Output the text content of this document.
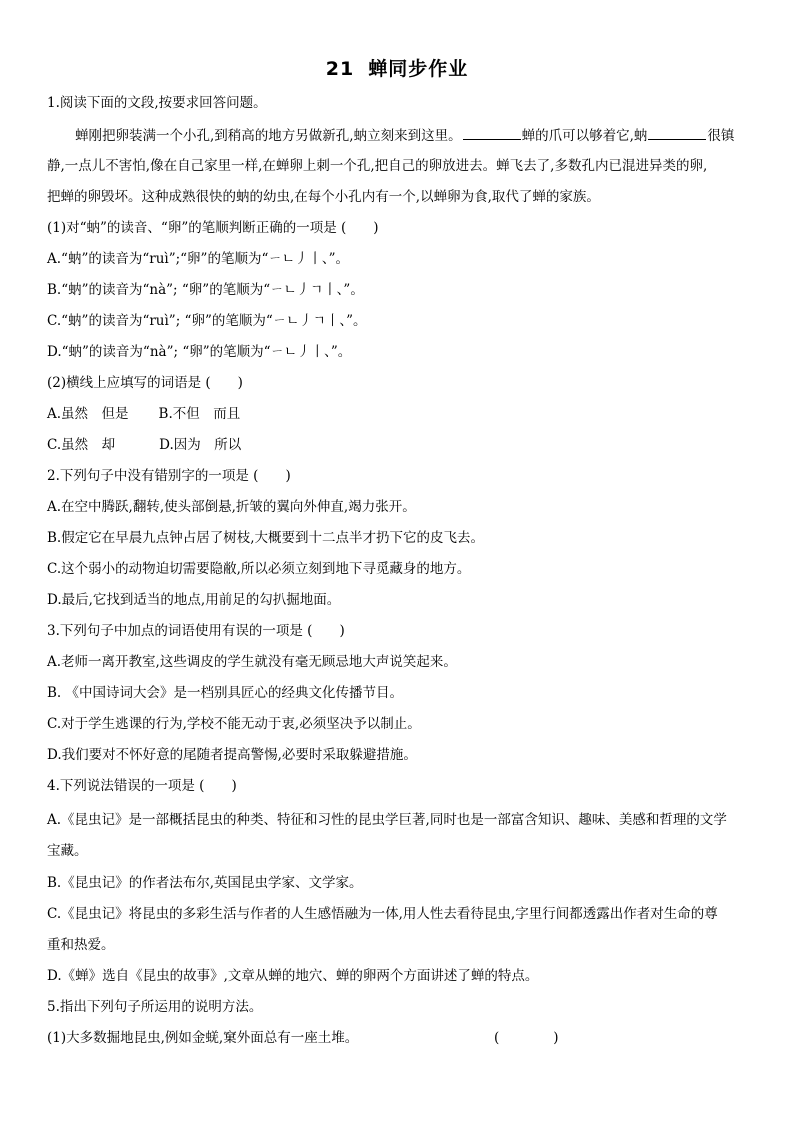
21 蝉同步作业
1.阅读下面的文段,按要求回答问题。
蝉刚把卵装满一个小孔,到稍高的地方另做新孔,蚋立刻来到这里。	蝉的爪可以够着它,蚋	很镇
静,一点儿不害怕,像在自己家里一样,在蝉卵上刺一个孔,把自己的卵放进去。蝉飞去了,多数孔内已混进异类的卵,
把蝉的卵毁坏。这种成熟很快的蚋的幼虫,在每个小孔内有一个,以蝉卵为食,取代了蝉的家族。
(1)对“蚋”的读音、“卵”的笔顺判断正确的一项是 (　　)
A.“蚋”的读音为“ruì”;“卵”的笔顺为“ㄧㄴ丿丨、”。
B.“蚋”的读音为“nà”; “卵”的笔顺为“ㄧㄴ丿ㄱ丨、”。
C.“蚋”的读音为“ruì”; “卵”的笔顺为“ㄧㄴ丿ㄱ丨、”。
D.“蚋”的读音为“nà”; “卵”的笔顺为“ㄧㄴ丿丨、”。
(2)横线上应填写的词语是 (　　)
A.虽然　但是 B.不但　而且
C.虽然　却	D.因为　所以
2.下列句子中没有错别字的一项是 (　　)
A.在空中腾跃,翻转,使头部倒悬,折皱的翼向外伸直,竭力张开。
B.假定它在早晨九点钟占居了树枝,大概要到十二点半才扔下它的皮飞去。
C.这个弱小的动物迫切需要隐敝,所以必须立刻到地下寻觅藏身的地方。
D.最后,它找到适当的地点,用前足的勾扒掘地面。
3.下列句子中加点的词语使用有误的一项是 (　　)
A.老师一离开教室,这些调皮的学生就没有毫无顾忌地大声说笑起来。
B. 《中国诗词大会》是一档别具匠心的经典文化传播节目。
C.对于学生逃课的行为,学校不能无动于衷,必须坚决予以制止。
D.我们要对不怀好意的尾随者提高警惕,必要时采取躲避措施。
4.下列说法错误的一项是 (　　)
A.《昆虫记》是一部概括昆虫的种类、特征和习性的昆虫学巨著,同时也是一部富含知识、趣味、美感和哲理的文学
宝藏。
B.《昆虫记》的作者法布尔,英国昆虫学家、文学家。
C.《昆虫记》将昆虫的多彩生活与作者的人生感悟融为一体,用人性去看待昆虫,字里行间都透露出作者对生命的尊
重和热爱。
D.《蝉》选自《昆虫的故事》,文章从蝉的地穴、蝉的卵两个方面讲述了蝉的特点。
5.指出下列句子所运用的说明方法。
(1)大多数掘地昆虫,例如金蜣,窠外面总有一座土堆。	(　　　　)
